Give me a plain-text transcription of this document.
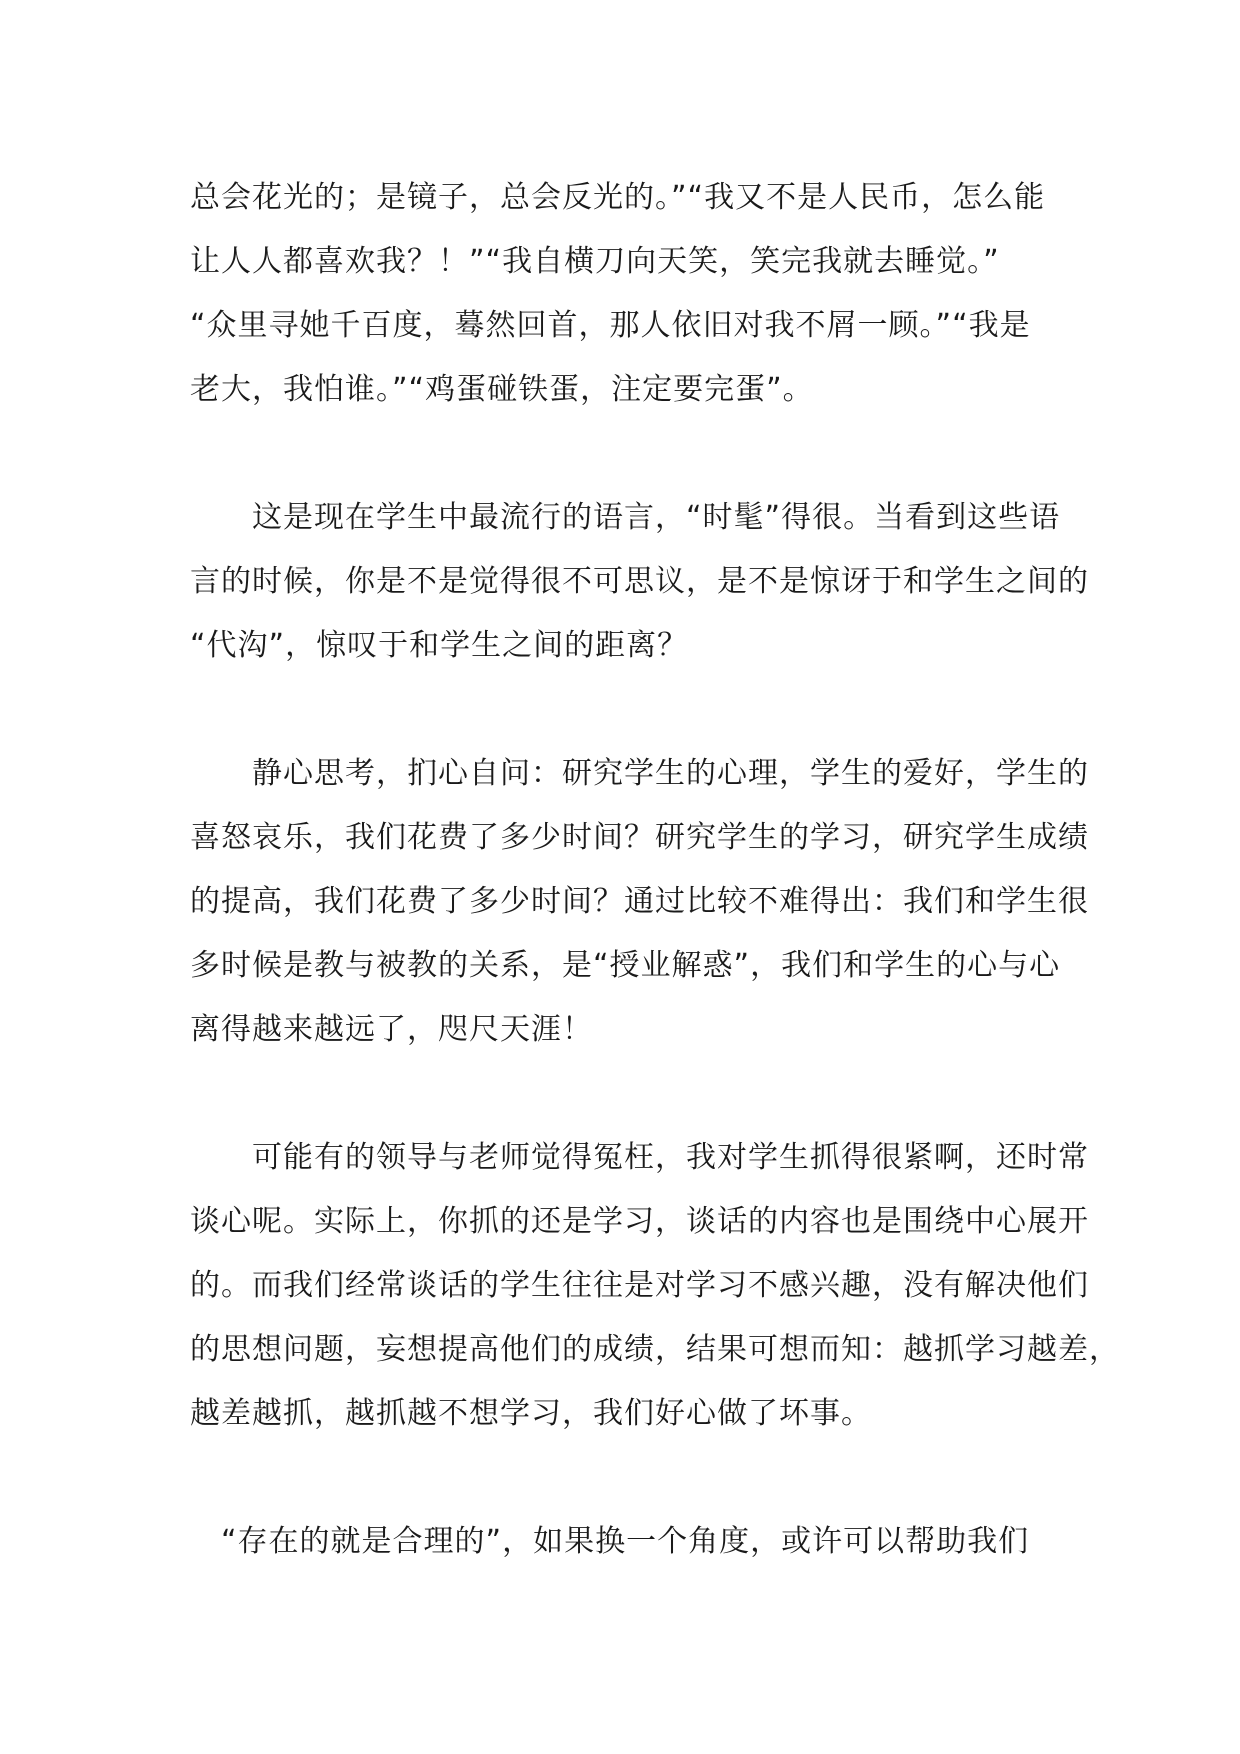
总会花光的；是镜子，总会反光的。”“我又不是人民币，怎么能
让人人都喜欢我？！”“我自横刀向天笑，笑完我就去睡觉。”
“众里寻她千百度，蓦然回首，那人依旧对我不屑一顾。”“我是
老大，我怕谁。”“鸡蛋碰铁蛋，注定要完蛋”。
　　这是现在学生中最流行的语言，“时髦”得很。当看到这些语
言的时候，你是不是觉得很不可思议，是不是惊讶于和学生之间的
“代沟”，惊叹于和学生之间的距离？
　　静心思考，扪心自问：研究学生的心理，学生的爱好，学生的
喜怒哀乐，我们花费了多少时间？研究学生的学习，研究学生成绩
的提高，我们花费了多少时间？通过比较不难得出：我们和学生很
多时候是教与被教的关系，是“授业解惑”，我们和学生的心与心
离得越来越远了，咫尺天涯！
　　可能有的领导与老师觉得冤枉，我对学生抓得很紧啊，还时常
谈心呢。实际上，你抓的还是学习，谈话的内容也是围绕中心展开
的。而我们经常谈话的学生往往是对学习不感兴趣，没有解决他们
的思想问题，妄想提高他们的成绩，结果可想而知：越抓学习越差，
越差越抓，越抓越不想学习，我们好心做了坏事。
　“存在的就是合理的”，如果换一个角度，或许可以帮助我们
